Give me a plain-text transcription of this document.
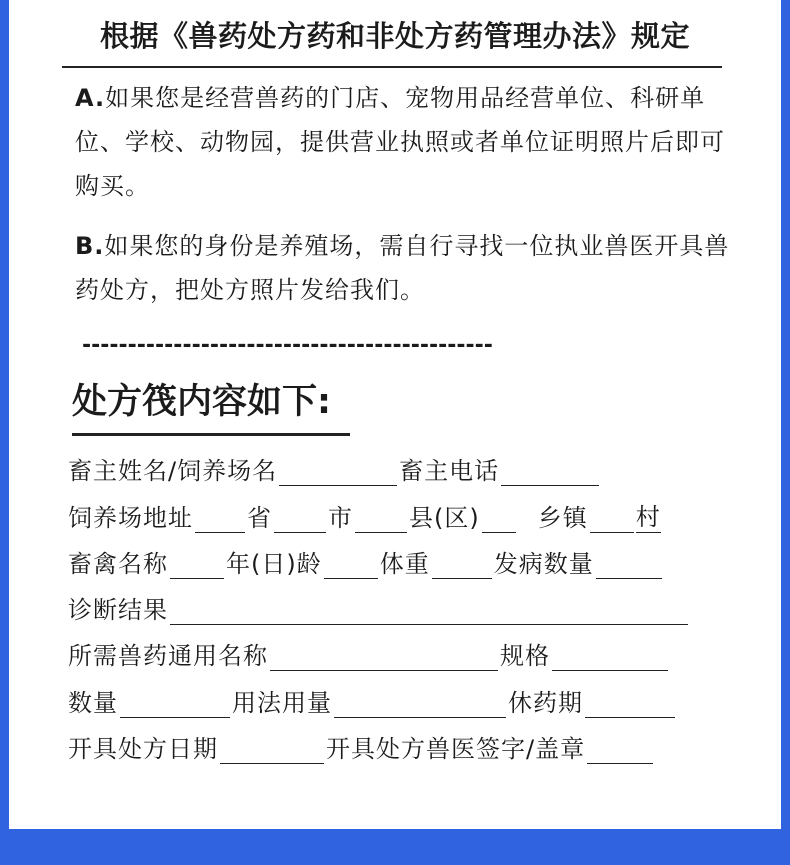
根据《兽药处方药和非处方药管理办法》规定
A.如果您是经营兽药的门店、宠物用品经营单位、科研单位、学校、动物园，提供营业执照或者单位证明照片后即可购买。
B.如果您的身份是养殖场，需自行寻找一位执业兽医开具兽药处方，把处方照片发给我们。
---------------------------------------------
处方筏内容如下:
畜主姓名/饲养场名	畜主电话
饲养场地址 省 市 县(区) 乡镇 村
畜禽名称 年(日)龄 体重	发病数量
诊断结果
所需兽药通用名称	规格
数量	用法用量	休药期
开具处方日期	开具处方兽医签字/盖章
